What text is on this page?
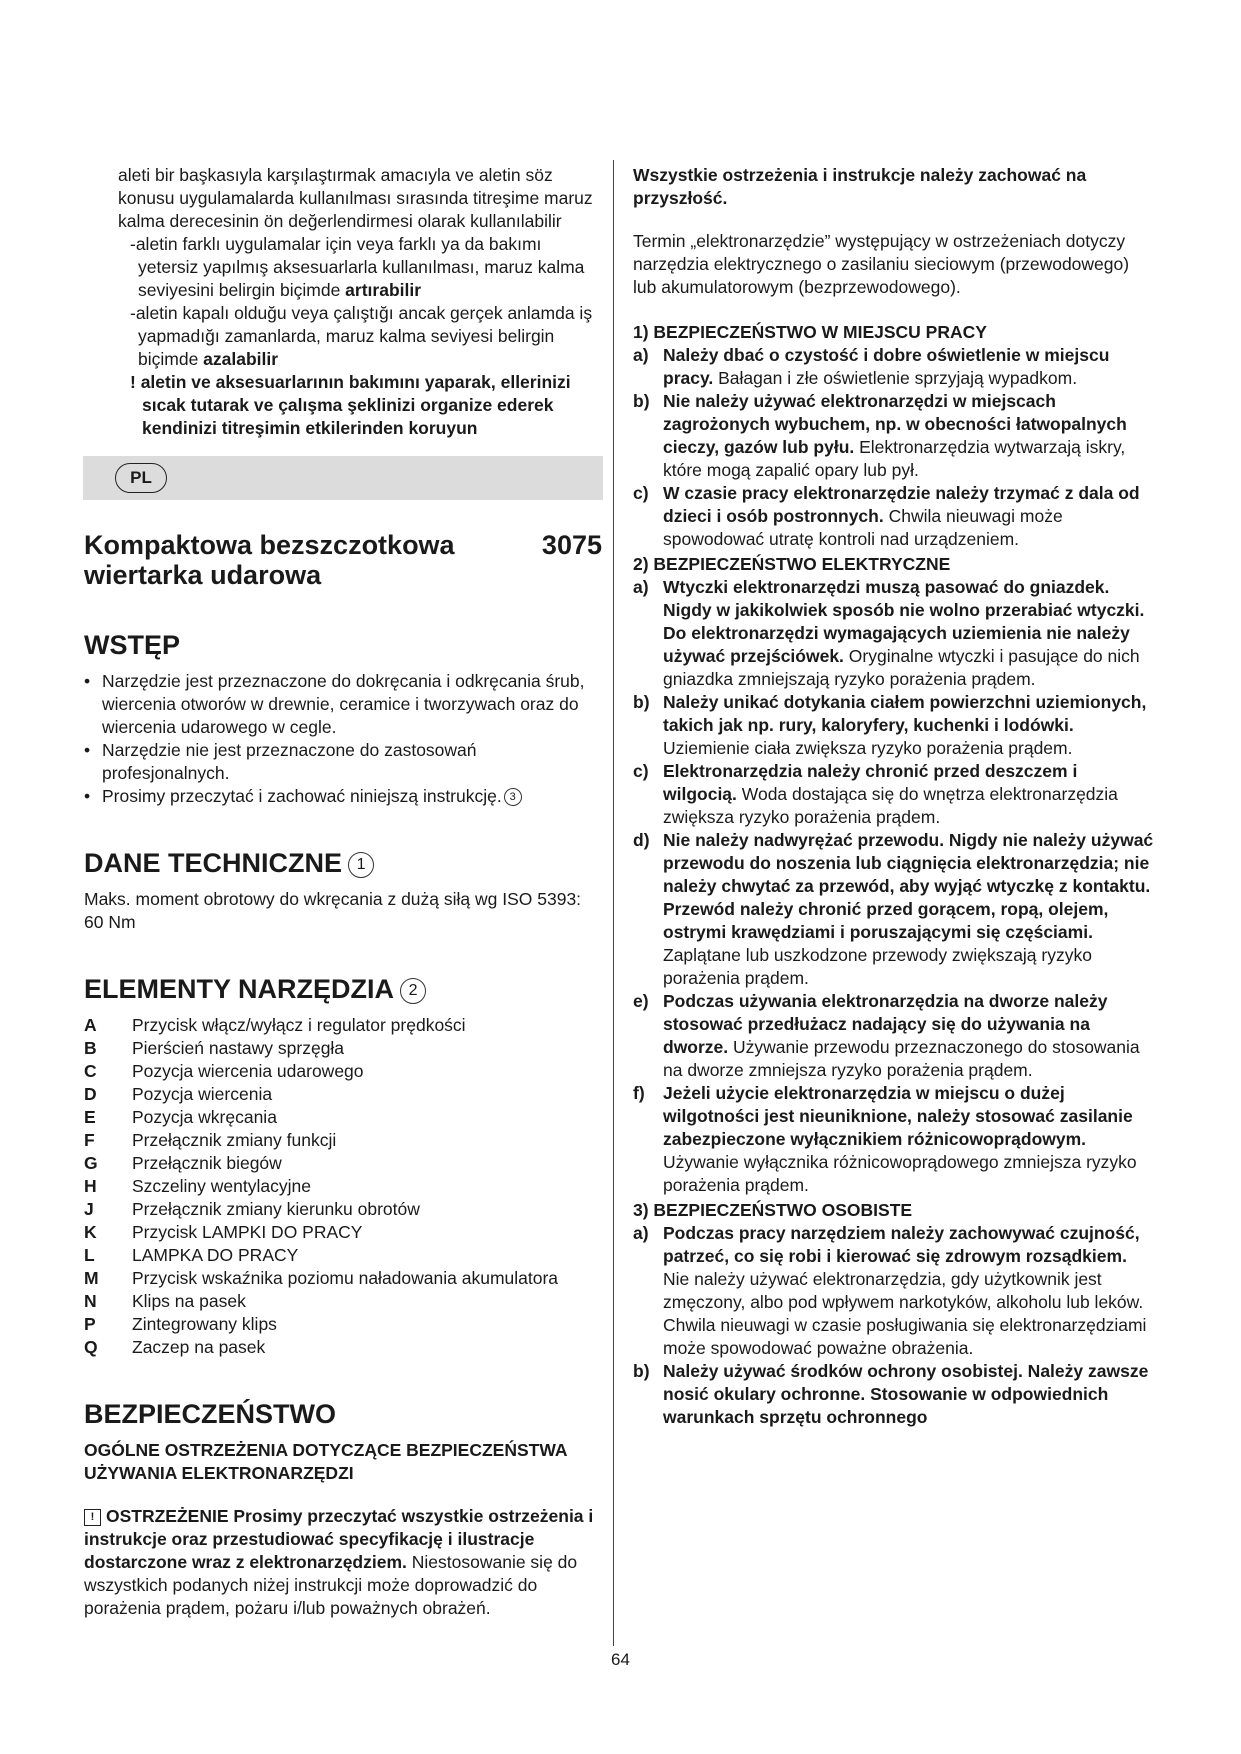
aleti bir başkasıyla karşılaştırmak amacıyla ve aletin söz konusu uygulamalarda kullanılması sırasında titreşime maruz kalma derecesinin ön değerlendirmesi olarak kullanılabilir

-aletin farklı uygulamalar için veya farklı ya da bakımı yetersiz yapılmış aksesuarlarla kullanılması, maruz kalma seviyesini belirgin biçimde artırabilir

-aletin kapalı olduğu veya çalıştığı ancak gerçek anlamda iş yapmadığı zamanlarda, maruz kalma seviyesi belirgin biçimde azalabilir

! aletin ve aksesuarlarının bakımını yaparak, ellerinizi sıcak tutarak ve çalışma şeklinizi organize ederek kendinizi titreşimin etkilerinden koruyun

PL
Kompaktowa bezszczotkowa wiertarka udarowa
3075
WSTĘP
• Narzędzie jest przeznaczone do dokręcania i odkręcania śrub, wiercenia otworów w drewnie, ceramice i tworzywach oraz do wiercenia udarowego w cegle.
• Narzędzie nie jest przeznaczone do zastosowań profesjonalnych.
• Prosimy przeczytać i zachować niniejszą instrukcję. 3
DANE TECHNICZNE 1

Maks. moment obrotowy do wkręcania z dużą siłą wg ISO 5393: 60 Nm

ELEMENTY NARZĘDZIA 2
A	Przycisk włącz/wyłącz i regulator prędkości
B	Pierścień nastawy sprzęgła
C	Pozycja wiercenia udarowego
D	Pozycja wiercenia
E	Pozycja wkręcania
F	Przełącznik zmiany funkcji
G	Przełącznik biegów
H	Szczeliny wentylacyjne
J	Przełącznik zmiany kierunku obrotów
K	Przycisk LAMPKI DO PRACY
L	LAMPKA DO PRACY
M	Przycisk wskaźnika poziomu naładowania akumulatora
N	Klips na pasek
P	Zintegrowany klips
Q	Zaczep na pasek
BEZPIECZEŃSTWO

OGÓLNE OSTRZEŻENIA DOTYCZĄCE BEZPIECZEŃSTWA UŻYWANIA ELEKTRONARZĘDZI

! OSTRZEŻENIE Prosimy przeczytać wszystkie ostrzeżenia i instrukcje oraz przestudiować specyfikację i ilustracje dostarczone wraz z elektronarzędziem. Niestosowanie się do wszystkich podanych niżej instrukcji może doprowadzić do porażenia prądem, pożaru i/lub poważnych obrażeń.

Wszystkie ostrzeżenia i instrukcje należy zachować na przyszłość.

Termin „elektronarzędzie” występujący w ostrzeżeniach dotyczy narzędzia elektrycznego o zasilaniu sieciowym (przewodowego) lub akumulatorowym (bezprzewodowego).

1) BEZPIECZEŃSTWO W MIEJSCU PRACY

a) Należy dbać o czystość i dobre oświetlenie w miejscu pracy. Bałagan i złe oświetlenie sprzyjają wypadkom.
b) Nie należy używać elektronarzędzi w miejscach zagrożonych wybuchem, np. w obecności łatwopalnych cieczy, gazów lub pyłu. Elektronarzędzia wytwarzają iskry, które mogą zapalić opary lub pył.
c) W czasie pracy elektronarzędzie należy trzymać z dala od dzieci i osób postronnych. Chwila nieuwagi może spowodować utratę kontroli nad urządzeniem.

2) BEZPIECZEŃSTWO ELEKTRYCZNE

a) Wtyczki elektronarzędzi muszą pasować do gniazdek. Nigdy w jakikolwiek sposób nie wolno przerabiać wtyczki. Do elektronarzędzi wymagających uziemienia nie należy używać przejściówek. Oryginalne wtyczki i pasujące do nich gniazdka zmniejszają ryzyko porażenia prądem.
b) Należy unikać dotykania ciałem powierzchni uziemionych, takich jak np. rury, kaloryfery, kuchenki i lodówki. Uziemienie ciała zwiększa ryzyko porażenia prądem.
c) Elektronarzędzia należy chronić przed deszczem i wilgocią. Woda dostająca się do wnętrza elektronarzędzia zwiększa ryzyko porażenia prądem.
d) Nie należy nadwyrężać przewodu. Nigdy nie należy używać przewodu do noszenia lub ciągnięcia elektronarzędzia; nie należy chwytać za przewód, aby wyjąć wtyczkę z kontaktu. Przewód należy chronić przed gorącem, ropą, olejem, ostrymi krawędziami i poruszającymi się częściami. Zaplątane lub uszkodzone przewody zwiększają ryzyko porażenia prądem.
e) Podczas używania elektronarzędzia na dworze należy stosować przedłużacz nadający się do używania na dworze. Używanie przewodu przeznaczonego do stosowania na dworze zmniejsza ryzyko porażenia prądem.
f)	Jeżeli użycie elektronarzędzia w miejscu o dużej wilgotności jest nieuniknione, należy stosować zasilanie zabezpieczone wyłącznikiem różnicowoprądowym. Używanie wyłącznika różnicowoprądowego zmniejsza ryzyko porażenia prądem.

3) BEZPIECZEŃSTWO OSOBISTE

a) Podczas pracy narzędziem należy zachowywać czujność, patrzeć, co się robi i kierować się zdrowym rozsądkiem. Nie należy używać elektronarzędzia, gdy użytkownik jest zmęczony, albo pod wpływem narkotyków, alkoholu lub leków. Chwila nieuwagi w czasie posługiwania się elektronarzędziami może spowodować poważne obrażenia.
b) Należy używać środków ochrony osobistej. Należy zawsze nosić okulary ochronne. Stosowanie w odpowiednich warunkach sprzętu ochronnego
64
